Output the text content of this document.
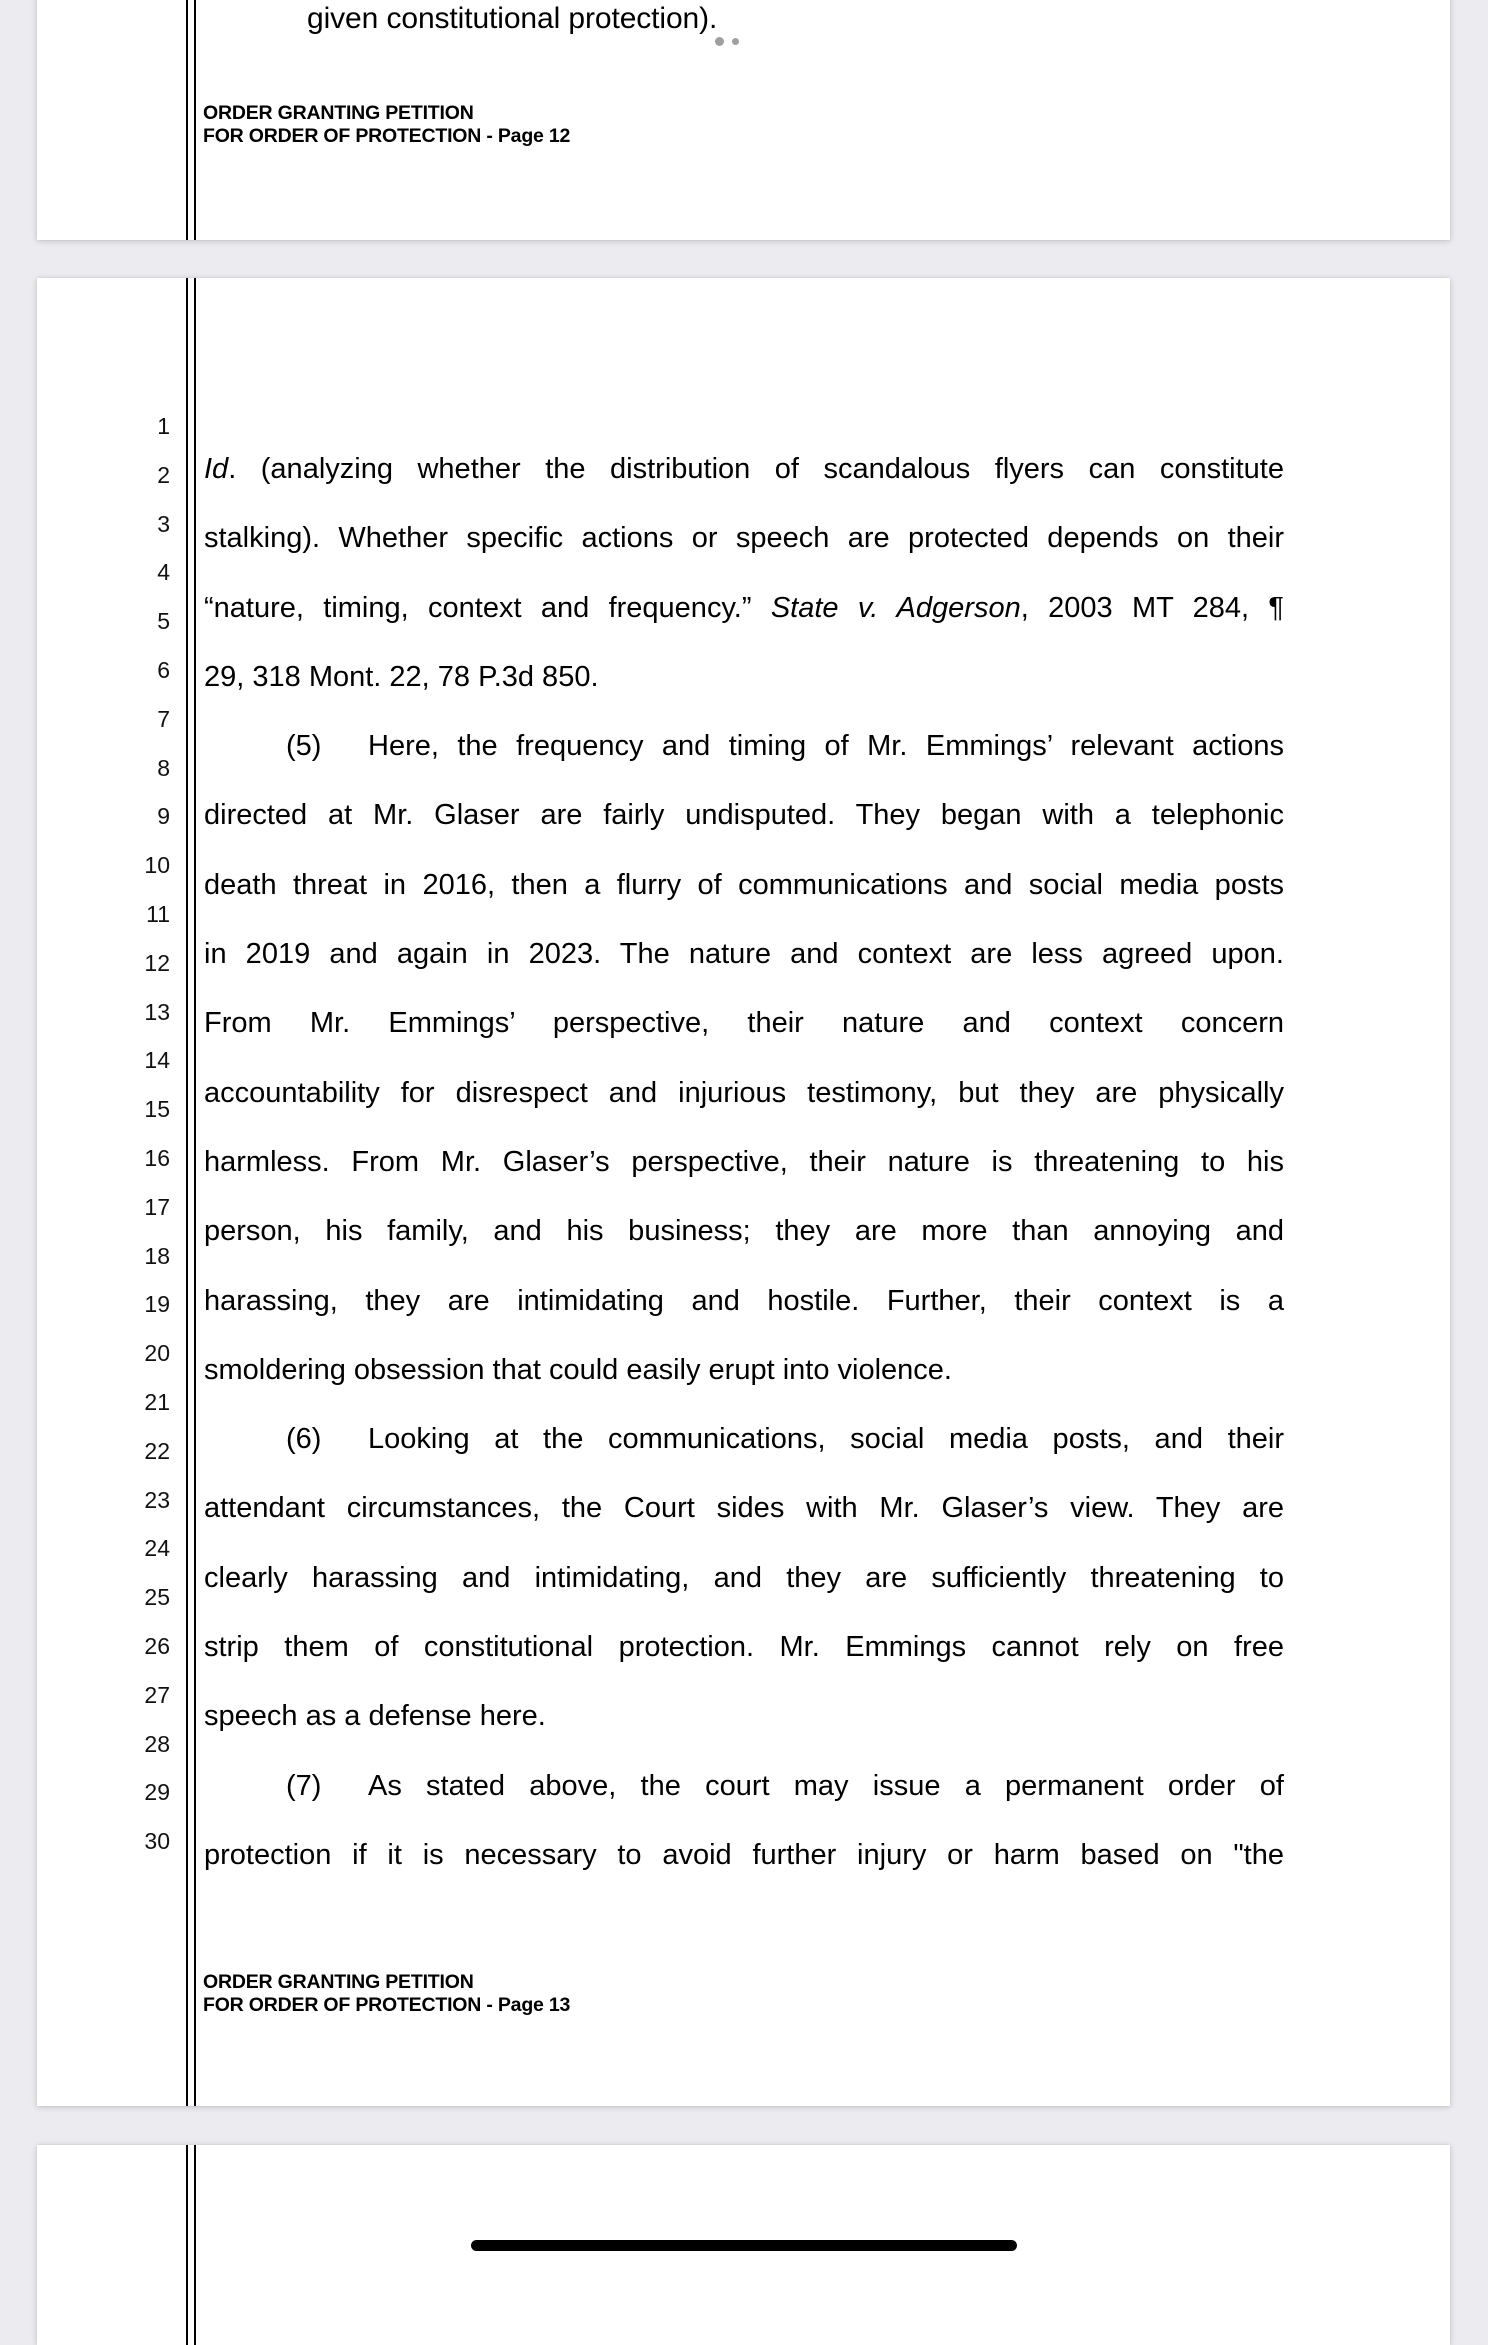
given constitutional protection).
ORDER GRANTING PETITION
FOR ORDER OF PROTECTION - Page 12
1
2
3
4
5
6
7
8
9
10
11
12
13
14
15
16
17
18
19
20
21
22
23
24
25
26
27
28
29
30
Id. (analyzing whether the distribution of scandalous flyers can constitute
stalking). Whether specific actions or speech are protected depends on their
“nature, timing, context and frequency.” State v. Adgerson, 2003 MT 284, ¶
29, 318 Mont. 22, 78 P.3d 850.
(5) Here, the frequency and timing of Mr. Emmings’ relevant actions
directed at Mr. Glaser are fairly undisputed. They began with a telephonic
death threat in 2016, then a flurry of communications and social media posts
in 2019 and again in 2023. The nature and context are less agreed upon.
From Mr. Emmings’ perspective, their nature and context concern
accountability for disrespect and injurious testimony, but they are physically
harmless. From Mr. Glaser’s perspective, their nature is threatening to his
person, his family, and his business; they are more than annoying and
harassing, they are intimidating and hostile. Further, their context is a
smoldering obsession that could easily erupt into violence.
(6) Looking at the communications, social media posts, and their
attendant circumstances, the Court sides with Mr. Glaser’s view. They are
clearly harassing and intimidating, and they are sufficiently threatening to
strip them of constitutional protection. Mr. Emmings cannot rely on free
speech as a defense here.
(7) As stated above, the court may issue a permanent order of
protection if it is necessary to avoid further injury or harm based on "the
ORDER GRANTING PETITION
FOR ORDER OF PROTECTION - Page 13
